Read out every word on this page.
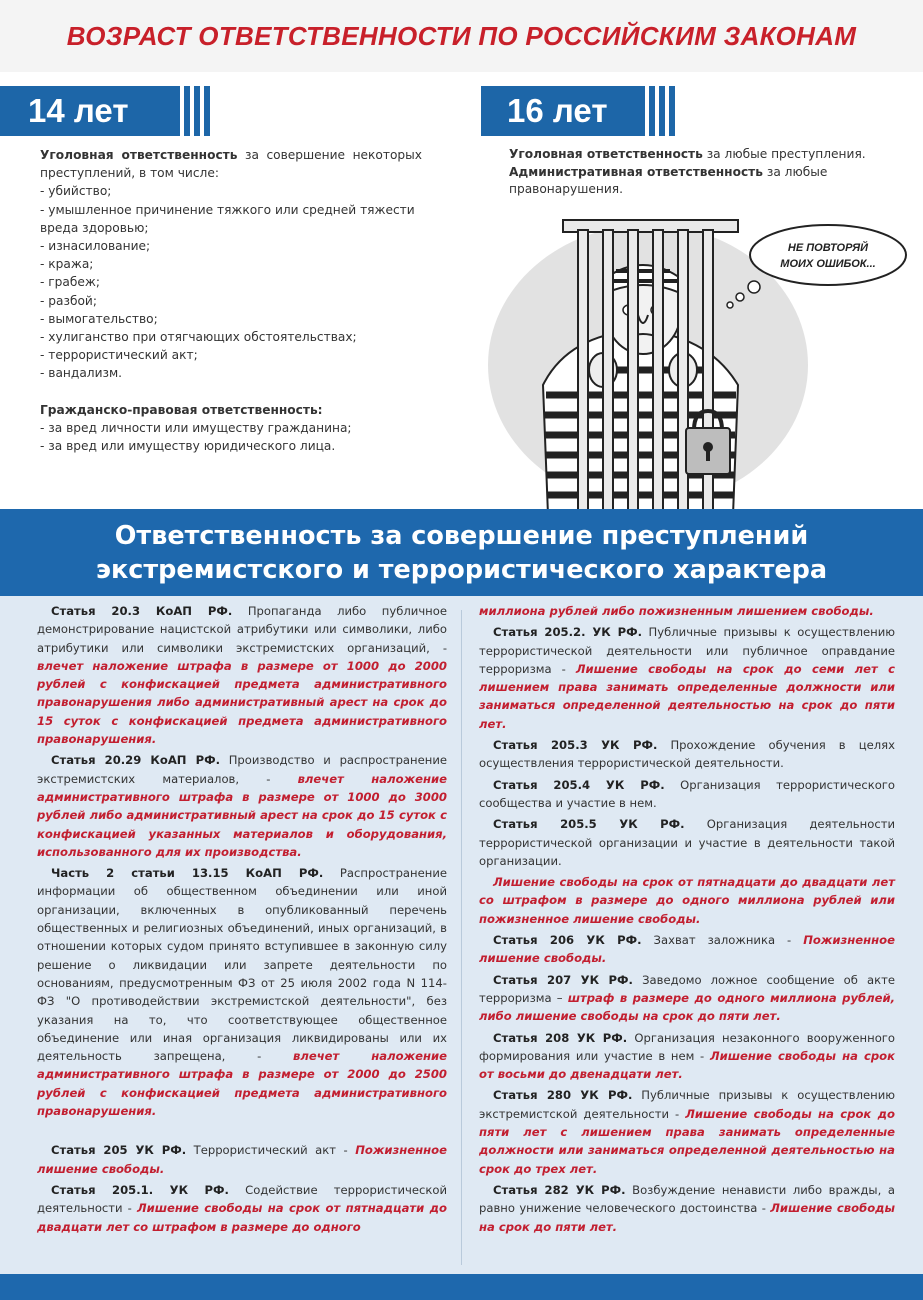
ВОЗРАСТ ОТВЕТСТВЕННОСТИ ПО РОССИЙСКИМ ЗАКОНАМ
14 лет	16 лет
Уголовная ответственность за совершение некоторых преступлений, в том числе:
- убийство;
- умышленное причинение тяжкого или средней тяжести вреда здоровью;
- изнасилование;
- кража;
- грабеж;
- разбой;
- вымогательство;
- хулиганство при отягчающих обстоятельствах;
- террористический акт;
- вандализм.
Гражданско-правовая ответственность:
- за вред личности или имуществу гражданина;
- за вред или имуществу юридического лица.
Уголовная ответственность за любые преступления.
Административная ответственность за любые правонарушения.
НЕ ПОВТОРЯЙ
МОИХ ОШИБОК...
Ответственность за совершение преступлений
экстремистского и террористического характера

Статья 20.3 КоАП РФ. Пропаганда либо публичное демонстрирование нацистской атрибутики или символики, либо атрибутики или символики экстремистских организаций, - влечет наложение штрафа в размере от 1000 до 2000 рублей с конфискацией предмета административного правонарушения либо административный арест на срок до 15 суток с конфискацией предмета административного правонарушения.

Статья 20.29 КоАП РФ. Производство и распространение экстремистских материалов, - влечет наложение административного штрафа в размере от 1000 до 3000 рублей либо административный арест на срок до 15 суток с конфискацией указанных материалов и оборудования, использованного для их производства.

Часть 2 статьи 13.15 КоАП РФ. Распространение информации об общественном объединении или иной организации, включенных в опубликованный перечень общественных и религиозных объединений, иных организаций, в отношении которых судом принято вступившее в законную силу решение о ликвидации или запрете деятельности по основаниям, предусмотренным ФЗ от 25 июля 2002 года N 114-ФЗ "О противодействии экстремистской деятельности", без указания на то, что соответствующее общественное объединение или иная организация ликвидированы или их деятельность запрещена, - влечет наложение административного штрафа в размере от 2000 до 2500 рублей с конфискацией предмета административного правонарушения.

Статья 205 УК РФ. Террористический акт - Пожизненное лишение свободы.

Статья 205.1. УК РФ. Содействие террористической деятельности - Лишение свободы на срок от пятнадцати до двадцати лет со штрафом в размере до одного

миллиона рублей либо пожизненным лишением свободы.

Статья 205.2. УК РФ. Публичные призывы к осуществлению террористической деятельности или публичное оправдание терроризма - Лишение свободы на срок до семи лет с лишением права занимать определенные должности или заниматься определенной деятельностью на срок до пяти лет.

Статья 205.3 УК РФ. Прохождение обучения в целях осуществления террористической деятельности.

Статья 205.4 УК РФ. Организация террористического сообщества и участие в нем.

Статья 205.5 УК РФ. Организация деятельности террористической организации и участие в деятельности такой организации.

Лишение свободы на срок от пятнадцати до двадцати лет со штрафом в размере до одного миллиона рублей или пожизненное лишение свободы.

Статья 206 УК РФ. Захват заложника - Пожизненное лишение свободы.

Статья 207 УК РФ. Заведомо ложное сообщение об акте терроризма – штраф в размере до одного миллиона рублей, либо лишение свободы на срок до пяти лет.

Статья 208 УК РФ. Организация незаконного вооруженного формирования или участие в нем - Лишение свободы на срок от восьми до двенадцати лет.

Статья 280 УК РФ. Публичные призывы к осуществлению экстремистской деятельности - Лишение свободы на срок до пяти лет с лишением права занимать определенные должности или заниматься определенной деятельностью на срок до трех лет.

Статья 282 УК РФ. Возбуждение ненависти либо вражды, а равно унижение человеческого достоинства - Лишение свободы на срок до пяти лет.
